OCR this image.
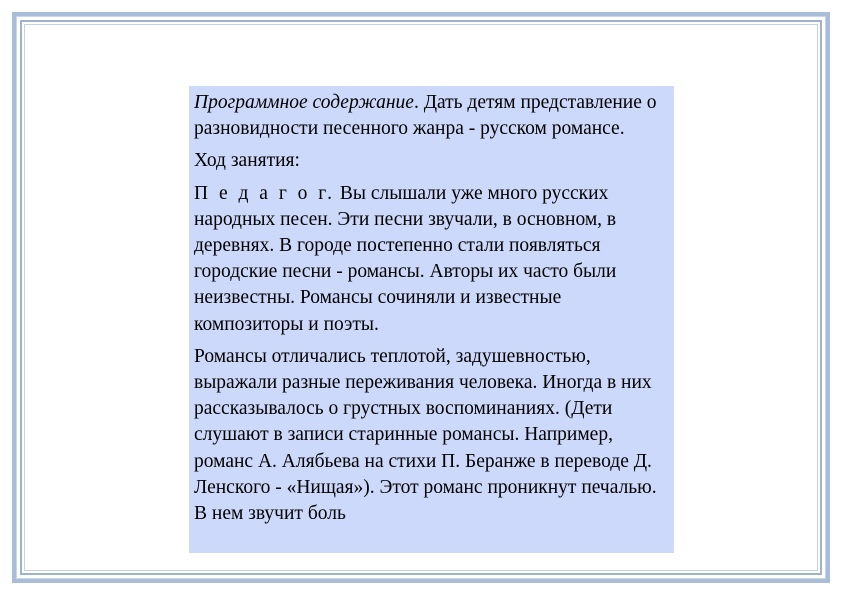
Программное содержание. Дать детям представление о разновидности песенного жанра - русском романсе.

Ход занятия:

П е д а г о г. Вы слышали уже много русских народных песен. Эти песни звучали, в основном, в деревнях. В городе постепенно стали появляться городские песни - романсы. Авторы их часто были неизвестны. Романсы сочиняли и известные композиторы и поэты.

Романсы отличались теплотой, задушевностью, выражали разные переживания человека. Иногда в них рассказывалось о грустных воспоминаниях. (Дети слушают в записи старинные романсы. Например, романс А. Алябьева на стихи П. Беранже в переводе Д. Ленского - «Нищая»). Этот романс проникнут печалью. В нем звучит боль
